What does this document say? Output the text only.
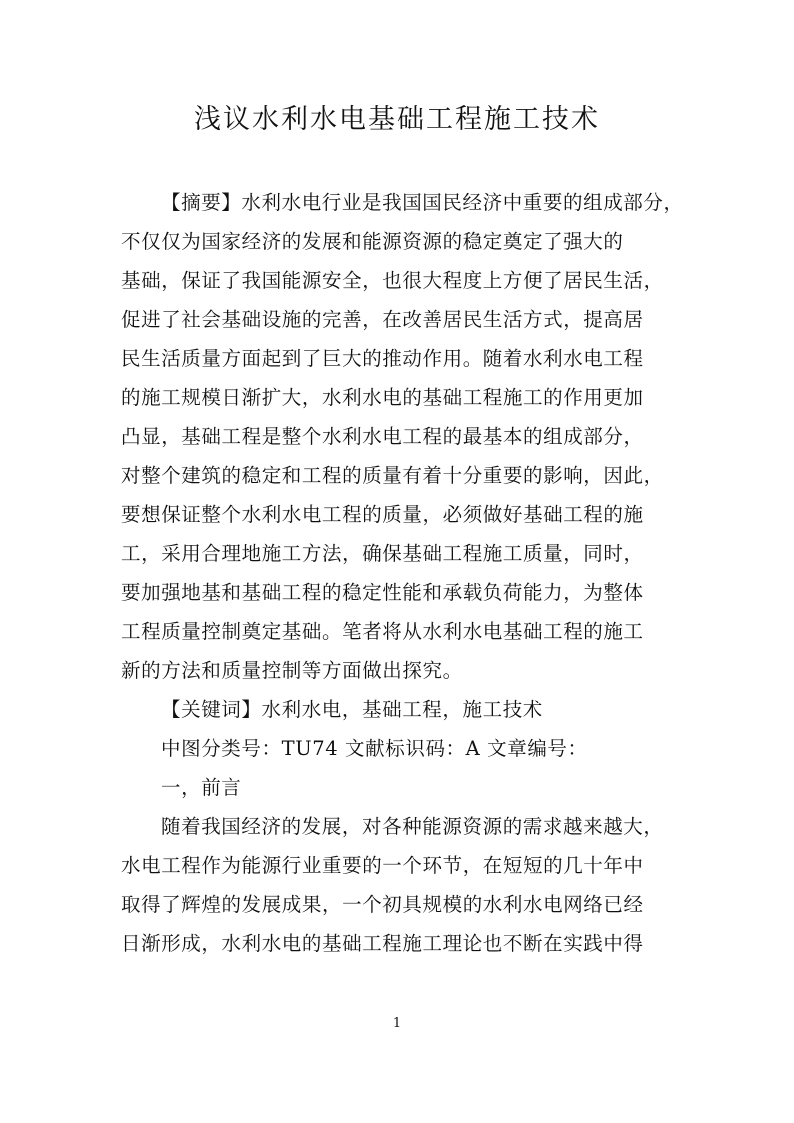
浅议水利水电基础工程施工技术
【摘要】水利水电行业是我国国民经济中重要的组成部分，
不仅仅为国家经济的发展和能源资源的稳定奠定了强大的
基础，保证了我国能源安全，也很大程度上方便了居民生活，
促进了社会基础设施的完善，在改善居民生活方式，提高居
民生活质量方面起到了巨大的推动作用。随着水利水电工程
的施工规模日渐扩大，水利水电的基础工程施工的作用更加
凸显，基础工程是整个水利水电工程的最基本的组成部分，
对整个建筑的稳定和工程的质量有着十分重要的影响，因此，
要想保证整个水利水电工程的质量，必须做好基础工程的施
工，采用合理地施工方法，确保基础工程施工质量，同时，
要加强地基和基础工程的稳定性能和承载负荷能力，为整体
工程质量控制奠定基础。笔者将从水利水电基础工程的施工
新的方法和质量控制等方面做出探究。
【关键词】水利水电，基础工程，施工技术
中图分类号：TU74 文献标识码：A 文章编号：
一，前言
随着我国经济的发展，对各种能源资源的需求越来越大，
水电工程作为能源行业重要的一个环节，在短短的几十年中
取得了辉煌的发展成果，一个初具规模的水利水电网络已经
日渐形成，水利水电的基础工程施工理论也不断在实践中得
1
